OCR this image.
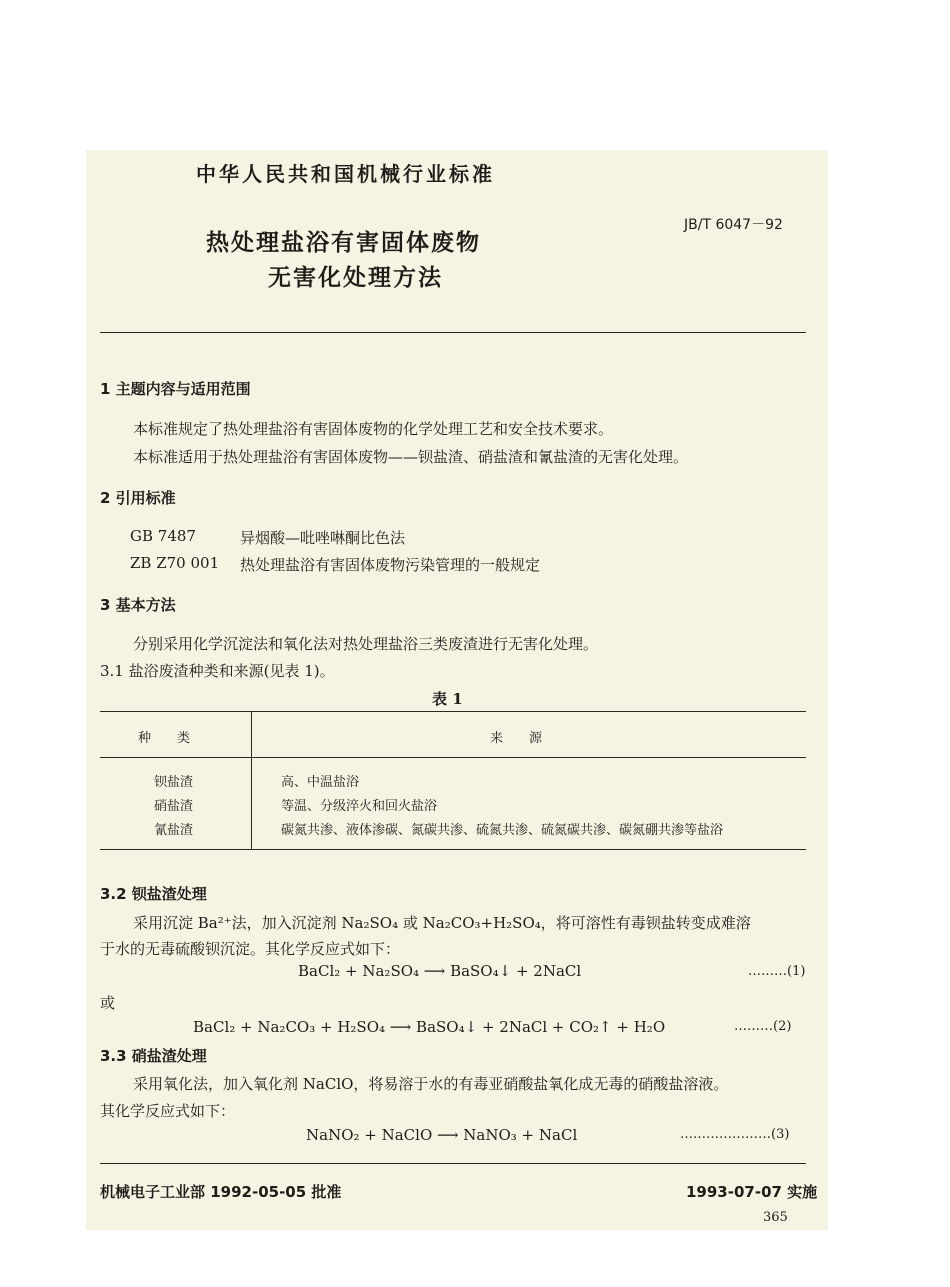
中华人民共和国机械行业标准
JB/T 6047－92
热处理盐浴有害固体废物
无害化处理方法
1 主题内容与适用范围
本标准规定了热处理盐浴有害固体废物的化学处理工艺和安全技术要求。
本标准适用于热处理盐浴有害固体废物——钡盐渣、硝盐渣和氰盐渣的无害化处理。
2 引用标准
GB 7487	异烟酸—吡唑啉酮比色法
ZB Z70 001 热处理盐浴有害固体废物污染管理的一般规定
3 基本方法
分别采用化学沉淀法和氧化法对热处理盐浴三类废渣进行无害化处理。
3.1 盐浴废渣种类和来源(见表 1)。
表 1
种　　类	来　　源
钡盐渣	高、中温盐浴
硝盐渣	等温、分级淬火和回火盐浴
氰盐渣	碳氮共渗、液体渗碳、氮碳共渗、硫氮共渗、硫氮碳共渗、碳氮硼共渗等盐浴
3.2 钡盐渣处理
采用沉淀 Ba²⁺法，加入沉淀剂 Na₂SO₄ 或 Na₂CO₃+H₂SO₄，将可溶性有毒钡盐转变成难溶
于水的无毒硫酸钡沉淀。其化学反应式如下：
BaCl₂ + Na₂SO₄ ⟶ BaSO₄↓ + 2NaCl	………(1)
或
BaCl₂ + Na₂CO₃ + H₂SO₄ ⟶ BaSO₄↓ + 2NaCl + CO₂↑ + H₂O	………(2)
3.3 硝盐渣处理
采用氧化法，加入氧化剂 NaClO，将易溶于水的有毒亚硝酸盐氧化成无毒的硝酸盐溶液。
其化学反应式如下：
NaNO₂ + NaClO ⟶ NaNO₃ + NaCl	…………………(3)
机械电子工业部 1992-05-05 批准	1993-07-07 实施
365
